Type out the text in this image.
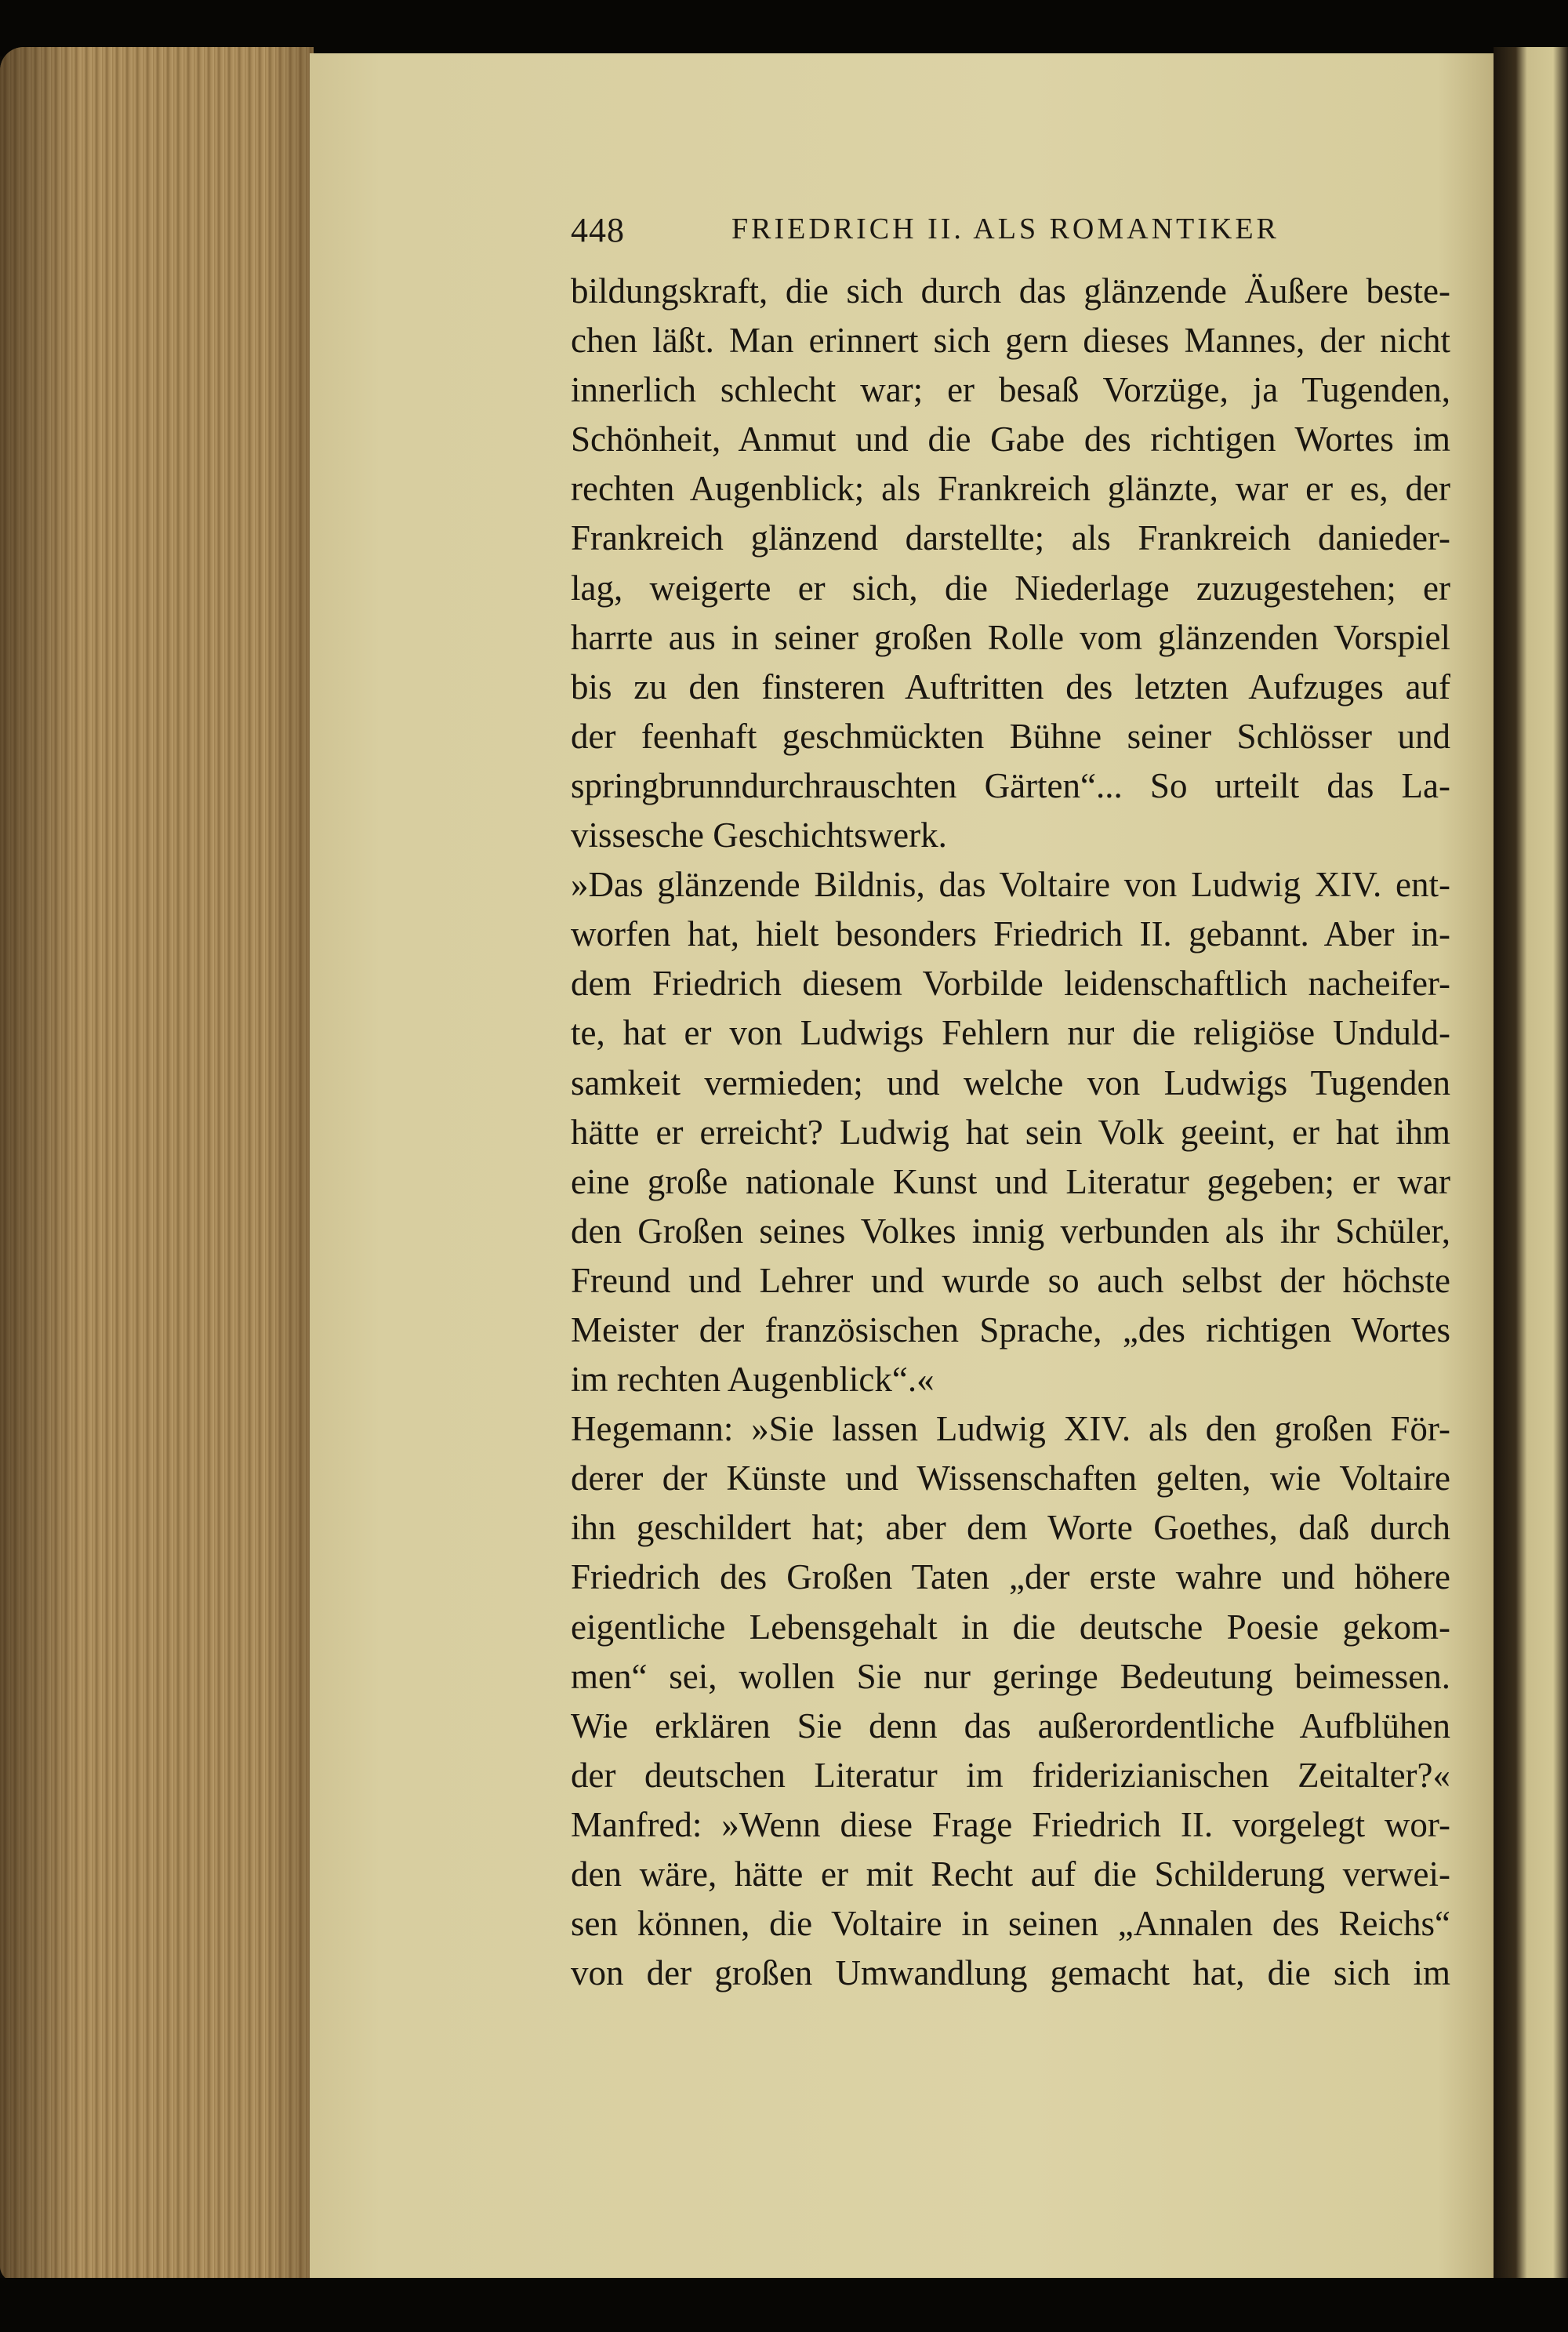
448	FRIEDRICH II. ALS ROMANTIKER
bildungskraft, die sich durch das glänzende Äußere beste-
chen läßt. Man erinnert sich gern dieses Mannes, der nicht
innerlich schlecht war; er besaß Vorzüge, ja Tugenden,
Schönheit, Anmut und die Gabe des richtigen Wortes im
rechten Augenblick; als Frankreich glänzte, war er es, der
Frankreich glänzend darstellte; als Frankreich danieder-
lag, weigerte er sich, die Niederlage zuzugestehen; er
harrte aus in seiner großen Rolle vom glänzenden Vorspiel
bis zu den finsteren Auftritten des letzten Aufzuges auf
der feenhaft geschmückten Bühne seiner Schlösser und
springbrunndurchrauschten Gärten“... So urteilt das La-
vissesche Geschichtswerk.
»Das glänzende Bildnis, das Voltaire von Ludwig XIV. ent-
worfen hat, hielt besonders Friedrich II. gebannt. Aber in-
dem Friedrich diesem Vorbilde leidenschaftlich nacheifer-
te, hat er von Ludwigs Fehlern nur die religiöse Unduld-
samkeit vermieden; und welche von Ludwigs Tugenden
hätte er erreicht? Ludwig hat sein Volk geeint, er hat ihm
eine große nationale Kunst und Literatur gegeben; er war
den Großen seines Volkes innig verbunden als ihr Schüler,
Freund und Lehrer und wurde so auch selbst der höchste
Meister der französischen Sprache, „des richtigen Wortes
im rechten Augenblick“.«
Hegemann: »Sie lassen Ludwig XIV. als den großen För-
derer der Künste und Wissenschaften gelten, wie Voltaire
ihn geschildert hat; aber dem Worte Goethes, daß durch
Friedrich des Großen Taten „der erste wahre und höhere
eigentliche Lebensgehalt in die deutsche Poesie gekom-
men“ sei, wollen Sie nur geringe Bedeutung beimessen.
Wie erklären Sie denn das außerordentliche Aufblühen
der deutschen Literatur im friderizianischen Zeitalter?«
Manfred: »Wenn diese Frage Friedrich II. vorgelegt wor-
den wäre, hätte er mit Recht auf die Schilderung verwei-
sen können, die Voltaire in seinen „Annalen des Reichs“
von der großen Umwandlung gemacht hat, die sich im
